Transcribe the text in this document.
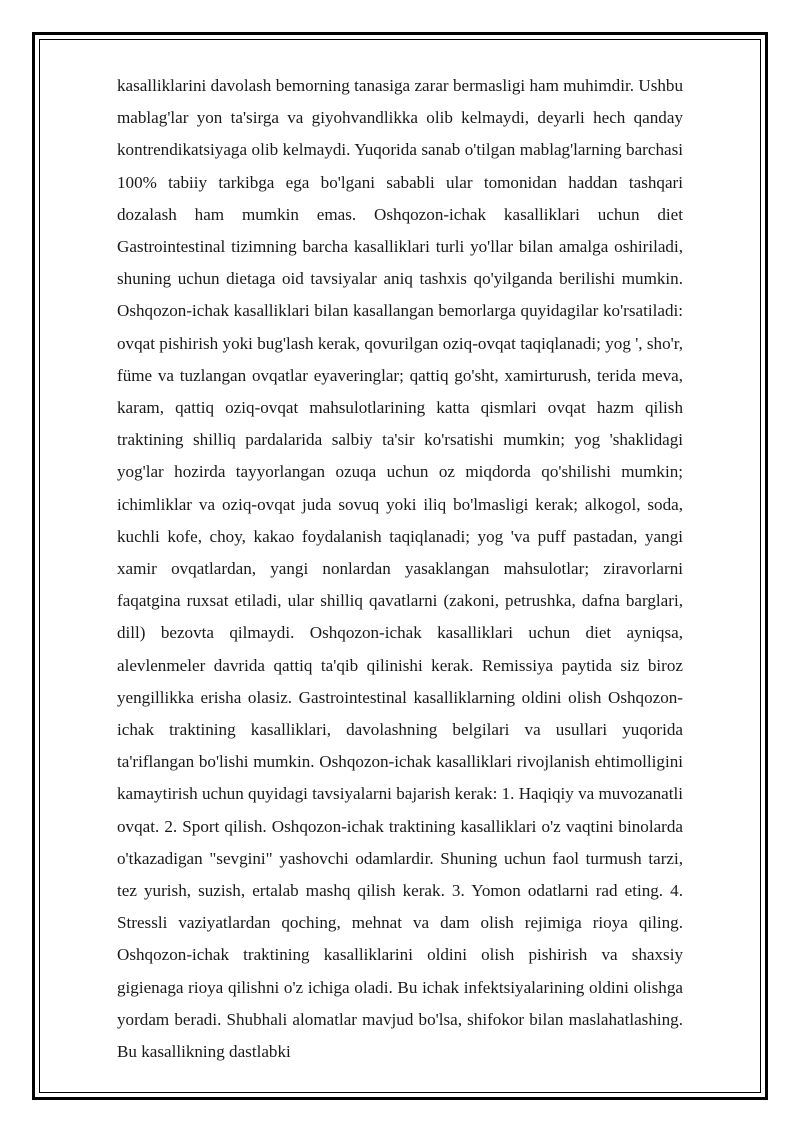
kasalliklarini davolash bemorning tanasiga zarar bermasligi ham muhimdir. Ushbu mablag'lar yon ta'sirga va giyohvandlikka olib kelmaydi, deyarli hech qanday kontrendikatsiyaga olib kelmaydi. Yuqorida sanab o'tilgan mablag'larning barchasi 100% tabiiy tarkibga ega bo'lgani sababli ular tomonidan haddan tashqari dozalash ham mumkin emas. Oshqozon-ichak kasalliklari uchun diet Gastrointestinal tizimning barcha kasalliklari turli yo'llar bilan amalga oshiriladi, shuning uchun dietaga oid tavsiyalar aniq tashxis qo'yilganda berilishi mumkin. Oshqozon-ichak kasalliklari bilan kasallangan bemorlarga quyidagilar ko'rsatiladi: ovqat pishirish yoki bug'lash kerak, qovurilgan oziq-ovqat taqiqlanadi; yog ', sho'r, füme va tuzlangan ovqatlar eyaveringlar; qattiq go'sht, xamirturush, terida meva, karam, qattiq oziq-ovqat mahsulotlarining katta qismlari ovqat hazm qilish traktining shilliq pardalarida salbiy ta'sir ko'rsatishi mumkin; yog 'shaklidagi yog'lar hozirda tayyorlangan ozuqa uchun oz miqdorda qo'shilishi mumkin; ichimliklar va oziq-ovqat juda sovuq yoki iliq bo'lmasligi kerak; alkogol, soda, kuchli kofe, choy, kakao foydalanish taqiqlanadi; yog 'va puff pastadan, yangi xamir ovqatlardan, yangi nonlardan yasaklangan mahsulotlar; ziravorlarni faqatgina ruxsat etiladi, ular shilliq qavatlarni (zakoni, petrushka, dafna barglari, dill) bezovta qilmaydi. Oshqozon-ichak kasalliklari uchun diet ayniqsa, alevlenmeler davrida qattiq ta'qib qilinishi kerak. Remissiya paytida siz biroz yengillikka erisha olasiz. Gastrointestinal kasalliklarning oldini olish Oshqozon-ichak traktining kasalliklari, davolashning belgilari va usullari yuqorida ta'riflangan bo'lishi mumkin. Oshqozon-ichak kasalliklari rivojlanish ehtimolligini kamaytirish uchun quyidagi tavsiyalarni bajarish kerak: 1. Haqiqiy va muvozanatli ovqat. 2. Sport qilish. Oshqozon-ichak traktining kasalliklari o'z vaqtini binolarda o'tkazadigan "sevgini" yashovchi odamlardir. Shuning uchun faol turmush tarzi, tez yurish, suzish, ertalab mashq qilish kerak. 3. Yomon odatlarni rad eting. 4. Stressli vaziyatlardan qoching, mehnat va dam olish rejimiga rioya qiling. Oshqozon-ichak traktining kasalliklarini oldini olish pishirish va shaxsiy gigienaga rioya qilishni o'z ichiga oladi. Bu ichak infektsiyalarining oldini olishga yordam beradi. Shubhali alomatlar mavjud bo'lsa, shifokor bilan maslahatlashing. Bu kasallikning dastlabki
